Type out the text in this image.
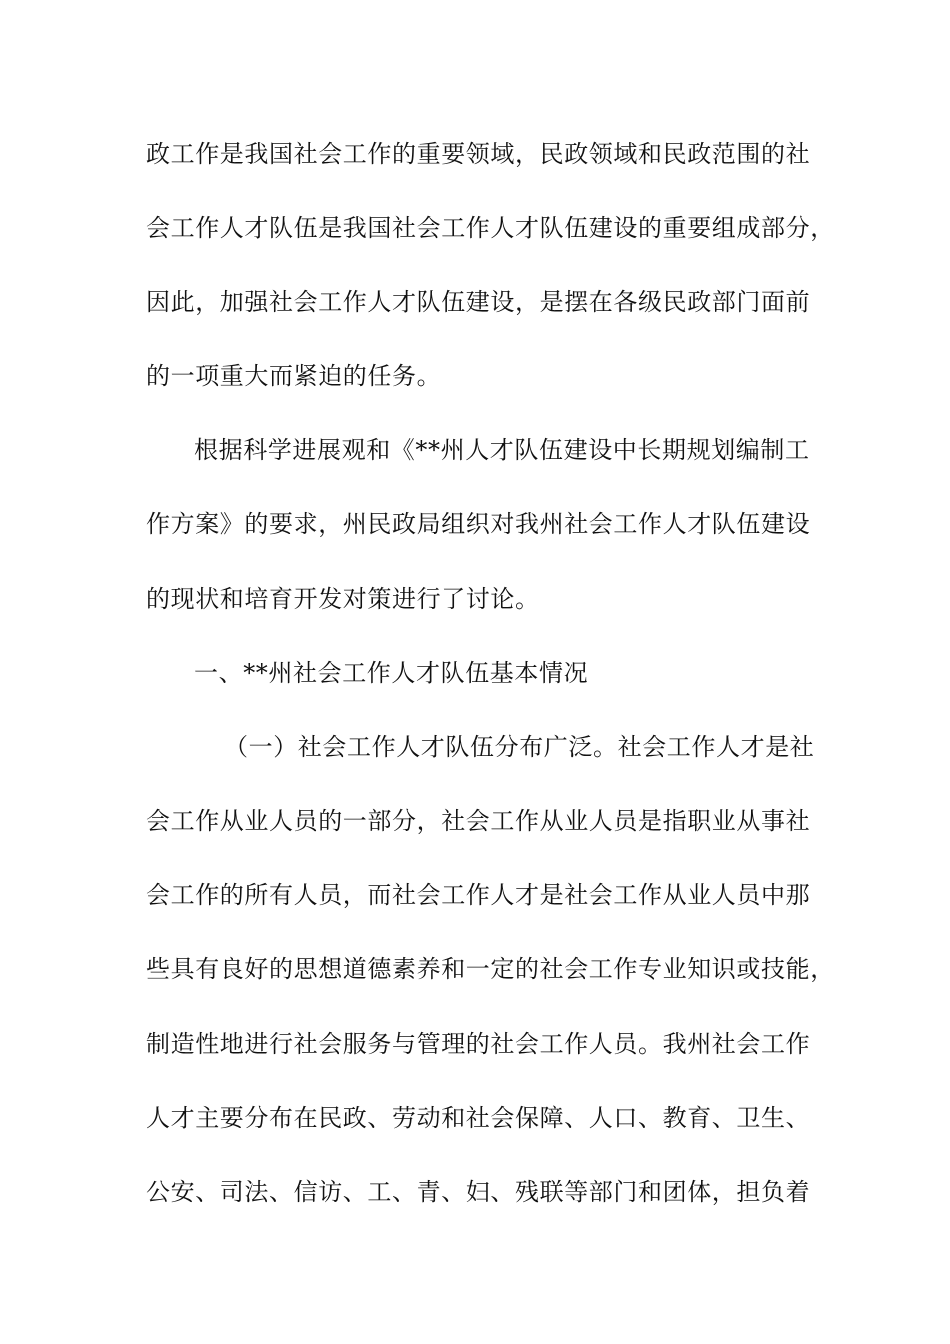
政工作是我国社会工作的重要领域，民政领域和民政范围的社
会工作人才队伍是我国社会工作人才队伍建设的重要组成部分，
因此，加强社会工作人才队伍建设，是摆在各级民政部门面前
的一项重大而紧迫的任务。
根据科学进展观和《**州人才队伍建设中长期规划编制工
作方案》的要求，州民政局组织对我州社会工作人才队伍建设
的现状和培育开发对策进行了讨论。
一、**州社会工作人才队伍基本情况
（一）社会工作人才队伍分布广泛。社会工作人才是社
会工作从业人员的一部分，社会工作从业人员是指职业从事社
会工作的所有人员，而社会工作人才是社会工作从业人员中那
些具有良好的思想道德素养和一定的社会工作专业知识或技能，
制造性地进行社会服务与管理的社会工作人员。我州社会工作
人才主要分布在民政、劳动和社会保障、人口、教育、卫生、
公安、司法、信访、工、青、妇、残联等部门和团体，担负着
